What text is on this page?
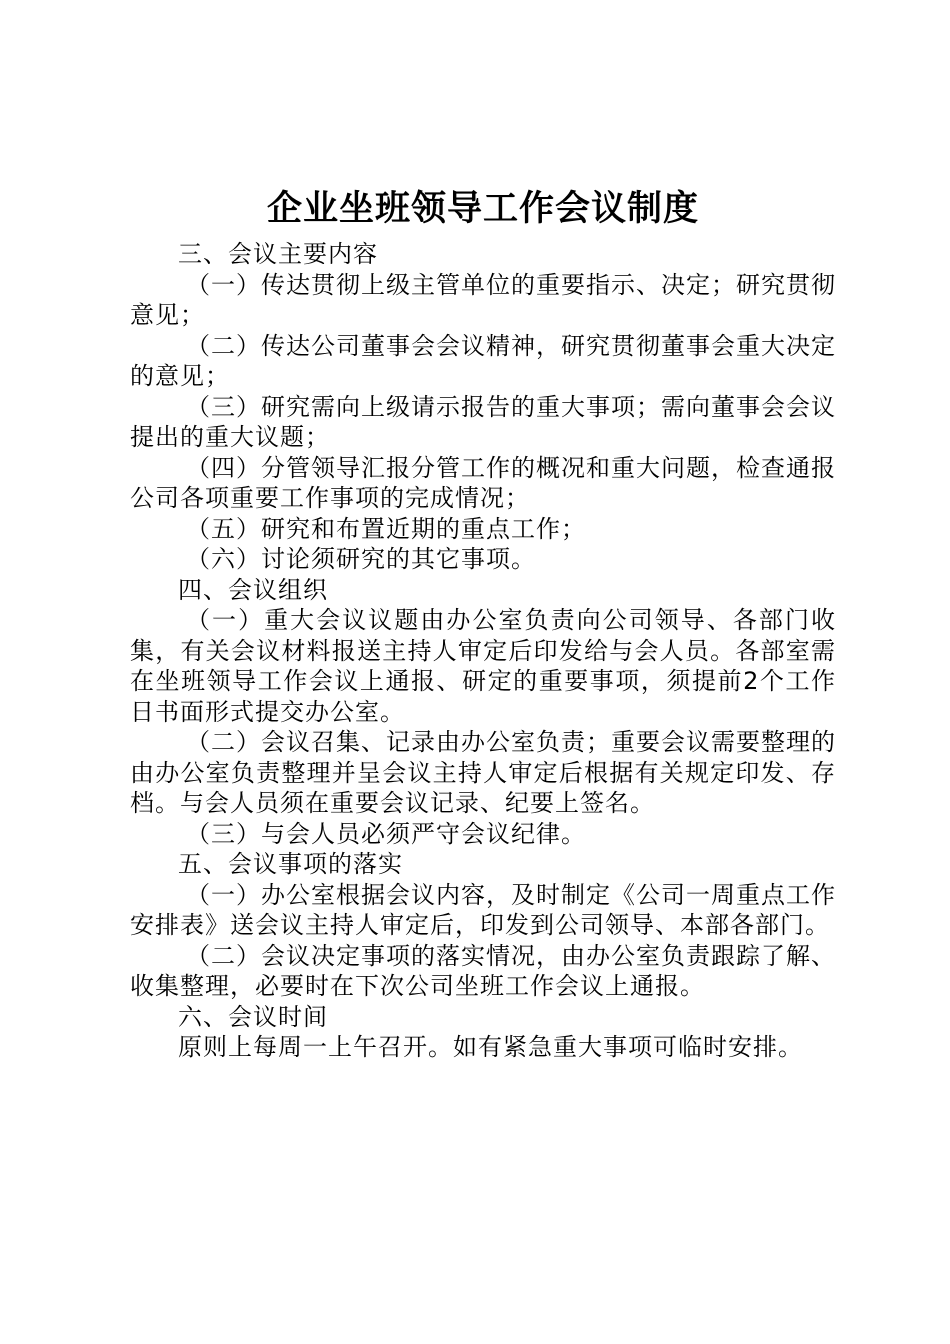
企业坐班领导工作会议制度

三、会议主要内容

（一）传达贯彻上级主管单位的重要指示、决定；研究贯彻意见；

（二）传达公司董事会会议精神，研究贯彻董事会重大决定的意见；

（三）研究需向上级请示报告的重大事项；需向董事会会议提出的重大议题；

（四）分管领导汇报分管工作的概况和重大问题，检查通报公司各项重要工作事项的完成情况；

（五）研究和布置近期的重点工作；

（六）讨论须研究的其它事项。

四、会议组织

（一）重大会议议题由办公室负责向公司领导、各部门收集，有关会议材料报送主持人审定后印发给与会人员。各部室需在坐班领导工作会议上通报、研定的重要事项，须提前2个工作日书面形式提交办公室。

（二）会议召集、记录由办公室负责；重要会议需要整理的由办公室负责整理并呈会议主持人审定后根据有关规定印发、存档。与会人员须在重要会议记录、纪要上签名。

（三）与会人员必须严守会议纪律。

五、会议事项的落实

（一）办公室根据会议内容，及时制定《公司一周重点工作安排表》送会议主持人审定后，印发到公司领导、本部各部门。

（二）会议决定事项的落实情况，由办公室负责跟踪了解、收集整理，必要时在下次公司坐班工作会议上通报。

六、会议时间

原则上每周一上午召开。如有紧急重大事项可临时安排。
